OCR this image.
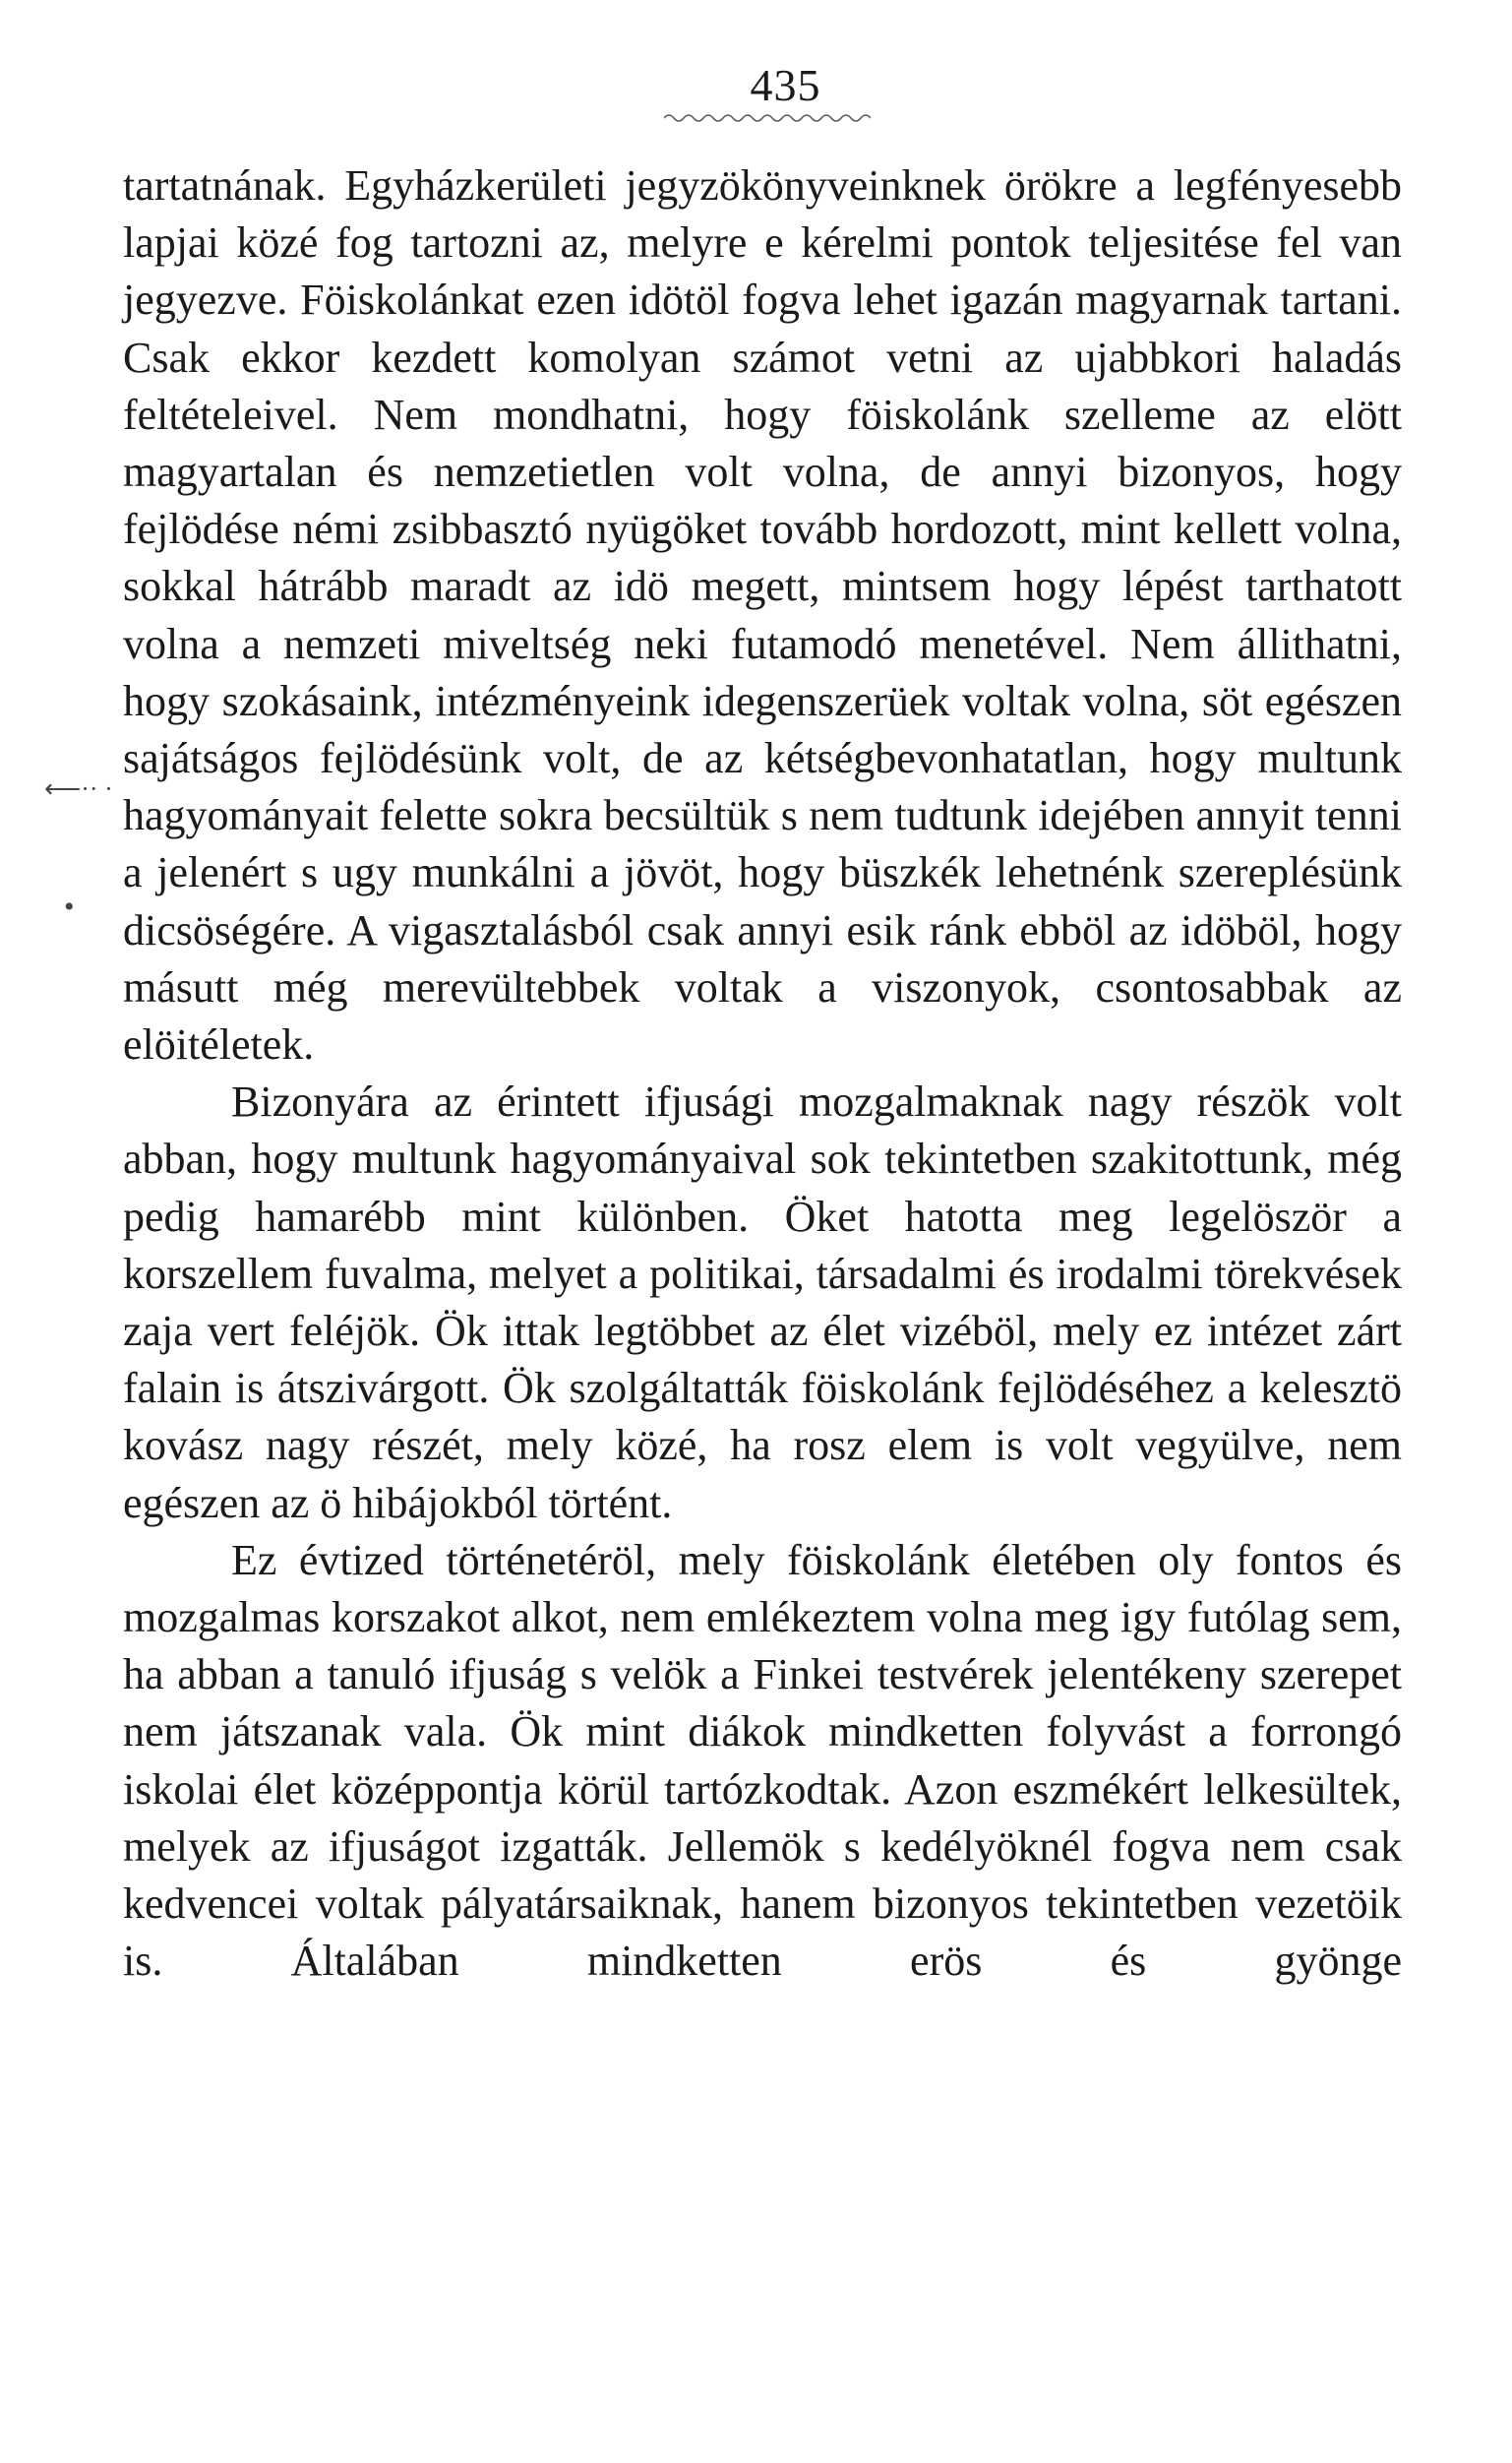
435
⟵·· ·
•

tartatnának. Egyházkerületi jegyzökönyveinknek örökre a legfényesebb lapjai közé fog tartozni az, melyre e kérelmi pontok teljesitése fel van jegyezve. Föiskolánkat ezen idötöl fogva lehet igazán magyarnak tartani. Csak ekkor kezdett komolyan számot vetni az ujabbkori haladás feltételeivel. Nem mondhatni, hogy föiskolánk szelleme az elött magyartalan és nemzetietlen volt volna, de annyi bizonyos, hogy fejlödése némi zsibbasztó nyügöket tovább hordozott, mint kellett volna, sokkal hátrább maradt az idö megett, mintsem hogy lépést tarthatott volna a nemzeti miveltség neki futamodó menetével. Nem állithatni, hogy szokásaink, intézményeink idegenszerüek voltak volna, söt egészen sajátságos fejlödésünk volt, de az kétségbevonhatatlan, hogy multunk hagyományait felette sokra becsültük s nem tudtunk idejében annyit tenni a jelenért s ugy munkálni a jövöt, hogy büszkék lehetnénk szereplésünk dicsöségére. A vigasztalásból csak annyi esik ránk ebböl az idöböl, hogy másutt még merevültebbek voltak a viszonyok, csontosabbak az elöitéletek.

Bizonyára az érintett ifjusági mozgalmaknak nagy részök volt abban, hogy multunk hagyományaival sok tekintetben szakitottunk, még pedig hamarébb mint különben. Öket hatotta meg legelöször a korszellem fuvalma, melyet a politikai, társadalmi és irodalmi törekvések zaja vert feléjök. Ök ittak legtöbbet az élet vizéböl, mely ez intézet zárt falain is átszivárgott. Ök szolgáltatták föiskolánk fejlödéséhez a kelesztö kovász nagy részét, mely közé, ha rosz elem is volt vegyülve, nem egészen az ö hibájokból történt.

Ez évtized történetéröl, mely föiskolánk életében oly fontos és mozgalmas korszakot alkot, nem emlékeztem volna meg igy futólag sem, ha abban a tanuló ifjuság s velök a Finkei testvérek jelentékeny szerepet nem játszanak vala. Ök mint diákok mindketten folyvást a forrongó iskolai élet középpontja körül tartózkodtak. Azon eszmékért lelkesültek, melyek az ifjuságot izgatták. Jellemök s kedélyöknél fogva nem csak kedvencei voltak pályatársaiknak, hanem bizonyos tekintetben vezetöik is. Általában mindketten erös és gyönge
